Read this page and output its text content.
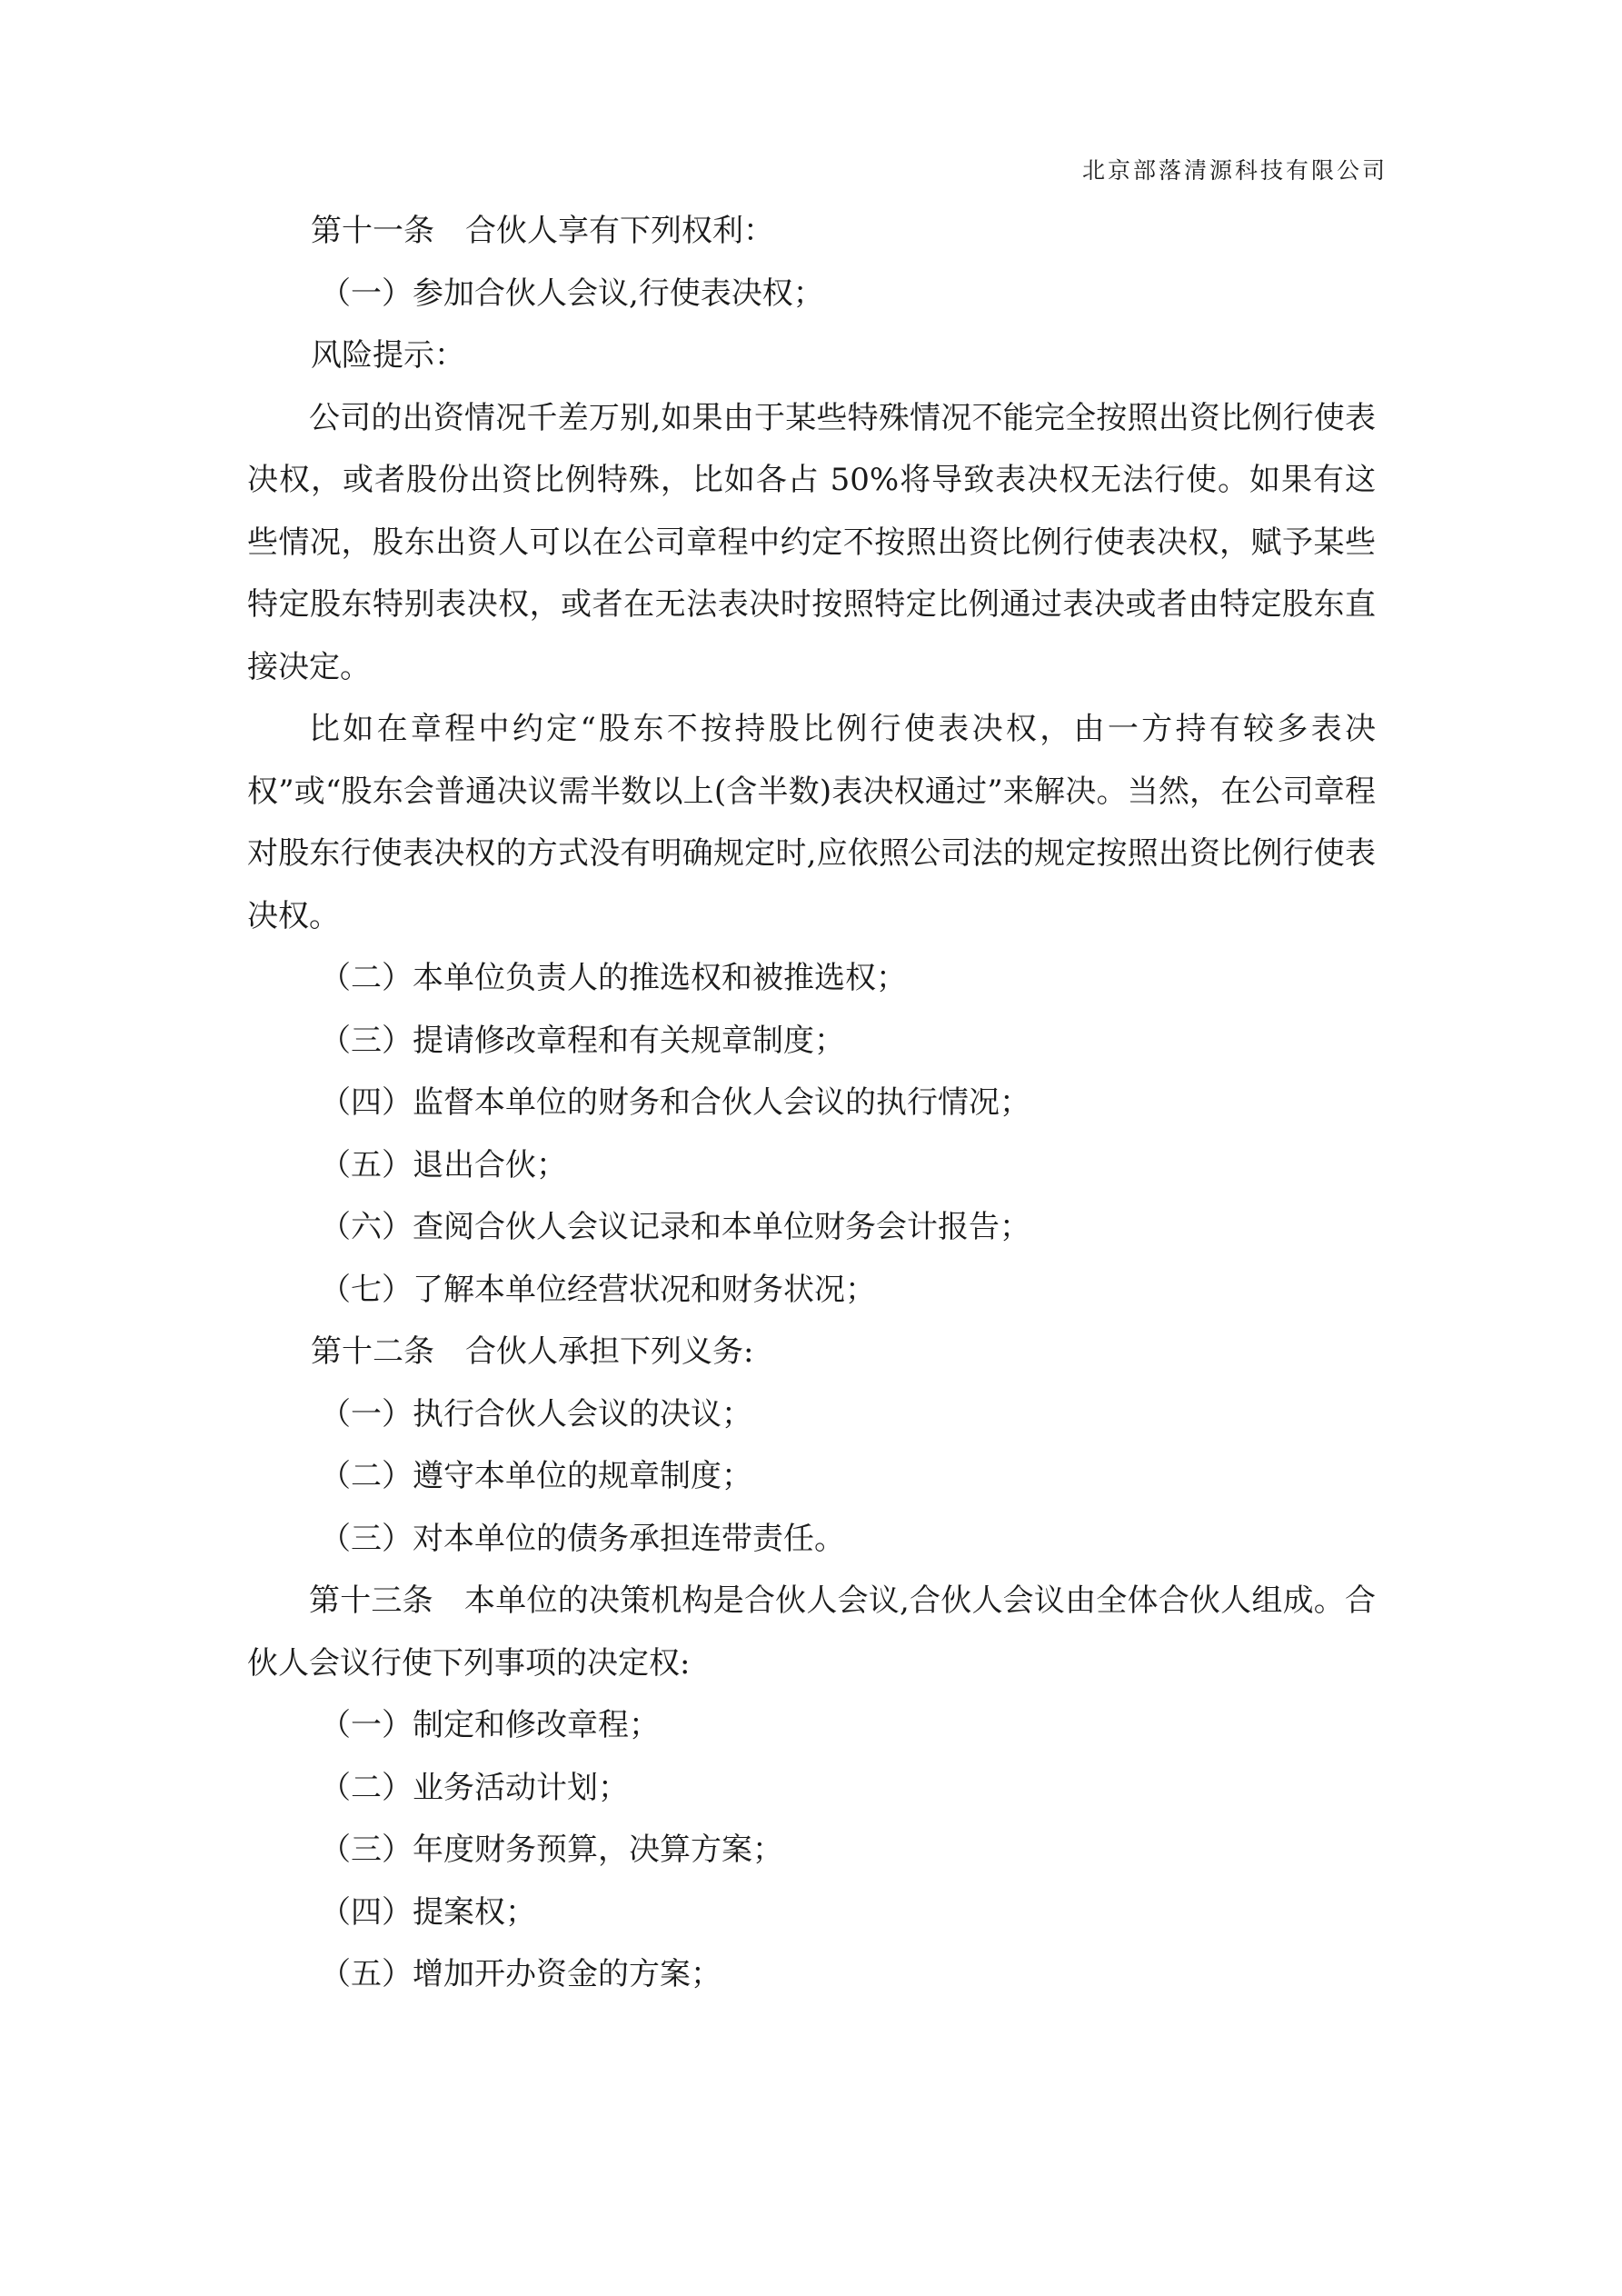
北京部落清源科技有限公司

第十一条　合伙人享有下列权利：

（一）参加合伙人会议,行使表决权；

风险提示：

公司的出资情况千差万别,如果由于某些特殊情况不能完全按照出资比例行使表决权，或者股份出资比例特殊，比如各占 50%将导致表决权无法行使。如果有这些情况，股东出资人可以在公司章程中约定不按照出资比例行使表决权，赋予某些特定股东特别表决权，或者在无法表决时按照特定比例通过表决或者由特定股东直接决定。

比如在章程中约定“股东不按持股比例行使表决权，由一方持有较多表决权”或“股东会普通决议需半数以上(含半数)表决权通过”来解决。当然，在公司章程对股东行使表决权的方式没有明确规定时,应依照公司法的规定按照出资比例行使表决权。

（二）本单位负责人的推选权和被推选权；

（三）提请修改章程和有关规章制度；

（四）监督本单位的财务和合伙人会议的执行情况；

（五）退出合伙；

（六）查阅合伙人会议记录和本单位财务会计报告；

（七）了解本单位经营状况和财务状况；

第十二条　合伙人承担下列义务:

（一）执行合伙人会议的决议；

（二）遵守本单位的规章制度；

（三）对本单位的债务承担连带责任。

第十三条　本单位的决策机构是合伙人会议,合伙人会议由全体合伙人组成。合伙人会议行使下列事项的决定权:

（一）制定和修改章程；

（二）业务活动计划；

（三）年度财务预算，决算方案；

（四）提案权；

（五）增加开办资金的方案；
